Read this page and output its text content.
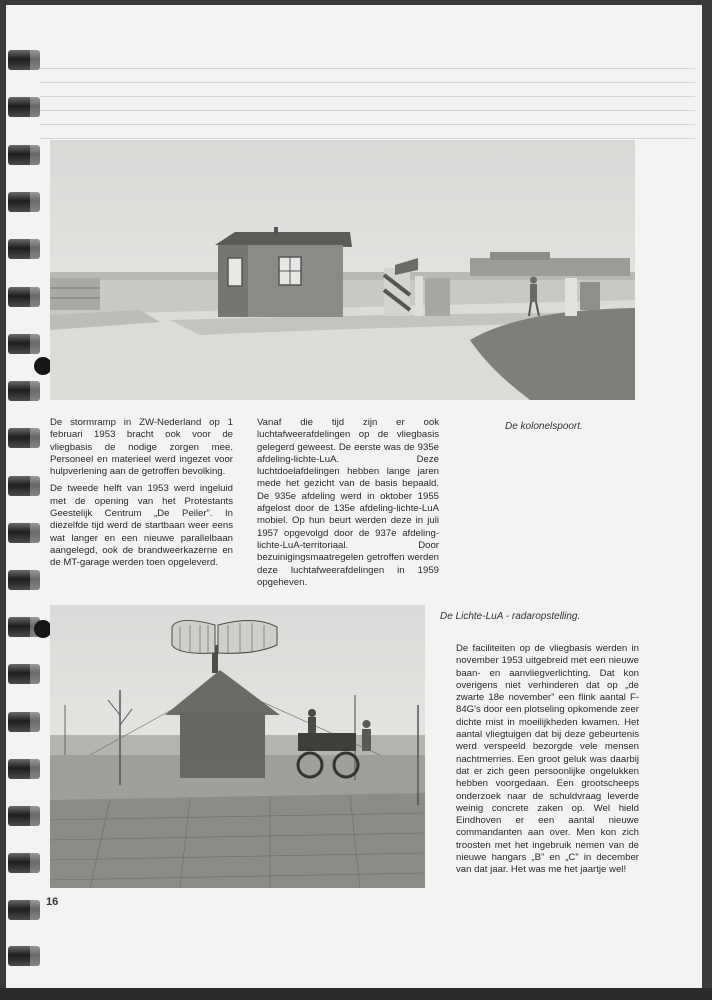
De kolonelspoort.

De stormramp in ZW-Nederland op 1 februari 1953 bracht ook voor de vliegbasis de nodige zorgen mee. Personeel en materieel werd ingezet voor hulpverlening aan de getroffen bevolking.

De tweede helft van 1953 werd ingeluid met de opening van het Protestants Geestelijk Centrum „De Peiler”. In diezelfde tijd werd de startbaan weer eens wat langer en een nieuwe parallelbaan aangelegd, ook de brandweerkazerne en de MT-garage werden toen opgeleverd.

Vanaf die tijd zijn er ook luchtafweerafdelingen op de vliegbasis gelegerd geweest. De eerste was de 935e afdeling-lichte-LuA. Deze luchtdoelafdelingen hebben lange jaren mede het gezicht van de basis bepaald. De 935e afdeling werd in oktober 1955 afgelost door de 135e afdeling-lichte-LuA mobiel. Op hun beurt werden deze in juli 1957 opgevolgd door de 937e afdeling-lichte-LuA-territoriaal. Door bezuinigingsmaatregelen getroffen werden deze luchtafweerafdelingen in 1959 opgeheven.

De Lichte-LuA - radaropstelling.

De faciliteiten op de vliegbasis werden in november 1953 uitgebreid met een nieuwe baan- en aanvliegverlichting. Dat kon overigens niet verhinderen dat op „de zwarte 18e november” een flink aantal F-84G's door een plotseling opkomende zeer dichte mist in moeilijkheden kwamen. Het aantal vliegtuigen dat bij deze gebeurtenis werd verspeeld bezorgde vele mensen nachtmerries. Een groot geluk was daarbij dat er zich geen persoonlijke ongelukken hebben voorgedaan. Een grootscheeps onderzoek naar de schuldvraag leverde weinig concrete zaken op. Wel hield Eindhoven er een aantal nieuwe commandanten aan over. Men kon zich troosten met het ingebruik nemen van de nieuwe hangars „B” en „C” in december van dat jaar. Het was me het jaartje wel!

16
